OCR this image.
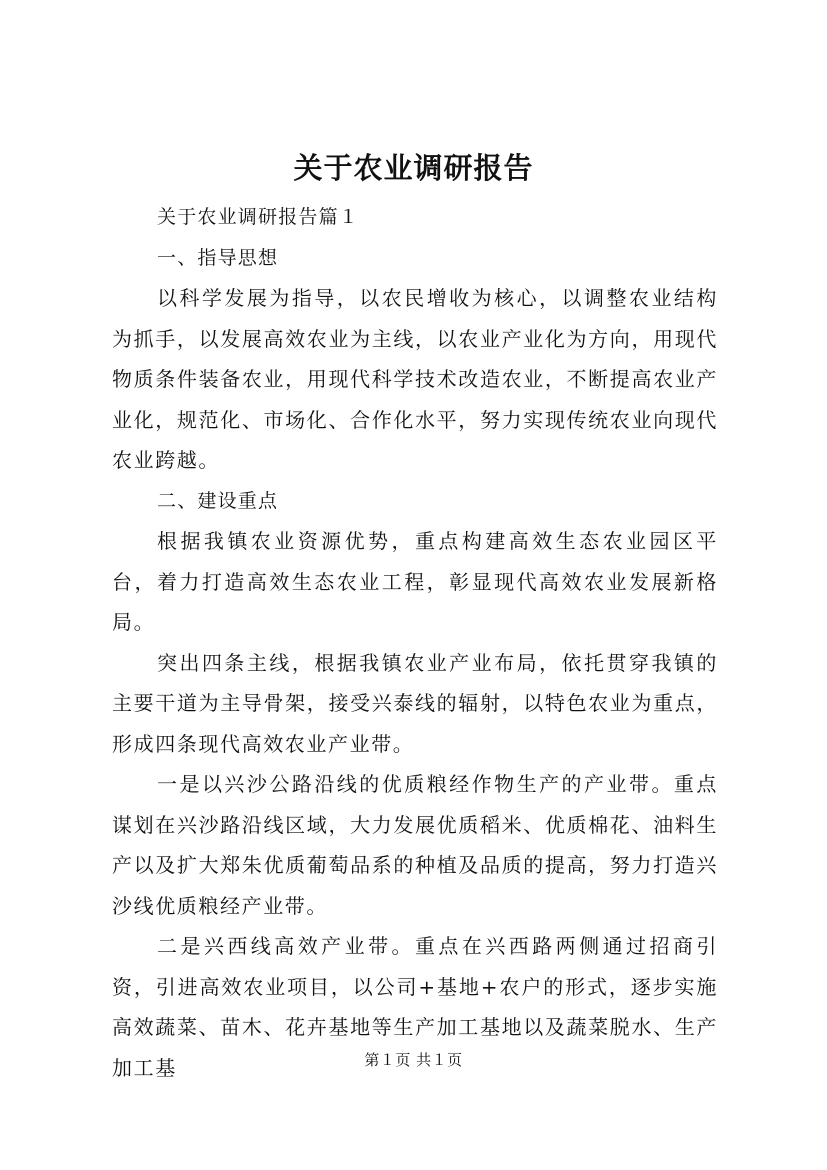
关于农业调研报告

关于农业调研报告篇１

一、指导思想

以科学发展为指导，以农民增收为核心，以调整农业结构为抓手，以发展高效农业为主线，以农业产业化为方向，用现代物质条件装备农业，用现代科学技术改造农业，不断提高农业产业化，规范化、市场化、合作化水平，努力实现传统农业向现代农业跨越。

二、建设重点

根据我镇农业资源优势，重点构建高效生态农业园区平台，着力打造高效生态农业工程，彰显现代高效农业发展新格局。

突出四条主线，根据我镇农业产业布局，依托贯穿我镇的主要干道为主导骨架，接受兴泰线的辐射，以特色农业为重点，形成四条现代高效农业产业带。

一是以兴沙公路沿线的优质粮经作物生产的产业带。重点谋划在兴沙路沿线区域，大力发展优质稻米、优质棉花、油料生产以及扩大郑朱优质葡萄品系的种植及品质的提高，努力打造兴沙线优质粮经产业带。

二是兴西线高效产业带。重点在兴西路两侧通过招商引资，引进高效农业项目，以公司+基地+农户的形式，逐步实施高效蔬菜、苗木、花卉基地等生产加工基地以及蔬菜脱水、生产加工基	第１页 共１页
